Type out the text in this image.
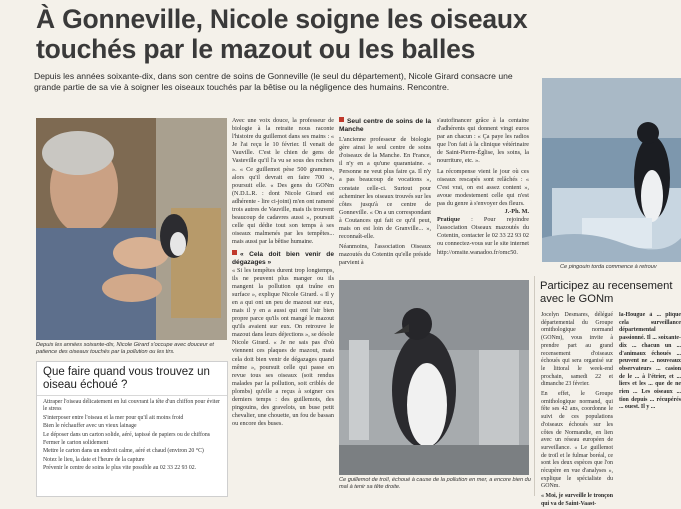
À Gonneville, Nicole soigne les oiseaux
touchés par le mazout ou les balles
Depuis les années soixante-dix, dans son centre de soins de Gonneville (le seul du département), Nicole Girard consacre une grande partie de sa vie à soigner les oiseaux touchés par la bêtise ou la négligence des humains. Rencontre.
Ce pingouin torda commence à retrouv
Depuis les années soixante-dix, Nicole Girard s'occupe avec douceur et patience des oiseaux touchés par la pollution ou les tirs.

Avec une voix douce, la professeur de biologie à la retraite nous raconte l'histoire du guillemot dans ses mains : « Je l'ai reçu le 10 février. Il venait de Vauville. C'est le chien de gens de Vasteville qu'il l'a vu se sous des rochers ». « Ce guillemot pèse 500 grammes, alors qu'il devrait en faire 700 », poursuit elle. « Des gens du GONm (N.D.L.R. : dont Nicole Girard est adhérente - lire ci-joint) m'en ont ramené trois autres de Vauville, mais ils trouvent beaucoup de cadavres aussi », poursuit celle qui dédie tout son temps à ses oiseaux malmenés par les tempêtes... mais aussi par la bêtise humaine.

« Cela doit bien venir de dégazages »

« Si les tempêtes durent trop longtemps, ils ne peuvent plus manger ou ils mangent la pollution qui traîne en surface », explique Nicole Girard. « Il y en a qui ont un peu de mazout sur eux, mais il y en a aussi qui ont l'air bien propre parce qu'ils ont mangé le mazout qu'ils avaient sur eux. On retrouve le mazout dans leurs déjections », se désole Nicole Girard. « Je ne sais pas d'où viennent ces plaques de mazout, mais cela doit bien venir de dégazages quand même », poursuit celle qui passe en revue tous ses oiseaux (soit rendus malades par la pollution, soit criblés de plombs) qu'elle a reçus à soigner ces derniers temps : des guillemots, des pingouins, des gravelots, un buse petit chevalier, une chouette, un fou de bassan ou encore des buses.

Seul centre de soins de la Manche

L'ancienne professeur de biologie gère ainsi le seul centre de soins d'oiseaux de la Manche. En France, il n'y en a qu'une quarantaine. « Personne ne veut plus faire ça. Il n'y a pas beaucoup de vocations », constate celle-ci. Surtout pour acheminer les oiseaux trouvés sur les côtes jusqu'à ce centre de Gonneville. « On a un correspondant à Coutances qui fait ce qu'il peut, mais on est loin de Granville... », reconnaît-elle.

Néanmoins, l'association Oiseaux mazoutés du Cotentin qu'elle préside parvient à

s'autofinancer grâce à la centaine d'adhérents qui donnent vingt euros par an chacun : « Ça paye les radios que l'on fait à la clinique vétérinaire de Saint-Pierre-Église, les soins, la nourriture, etc. ».

La récompense vient le jour où ces oiseaux rescapés sont relâchés : « C'est vrai, on est assez content », avoue modestement celle qui n'est pas du genre à s'envoyer des fleurs.

J.-Ph. M.

Pratique : Pour rejoindre l'association Oiseaux mazoutés du Cotentin, contacter le 02 33 22 93 02 ou connectez-vous sur le site internet http://omsite.wanadoo.fr/omc50.

Ce guillemot de troïl, échoué à cause de la pollution en mer, a encore bien du mal à tenir sa tête droite.
Que faire quand vous trouvez un oiseau échoué ?

Attraper l'oiseau délicatement en lui couvrant la tête d'un chiffon pour éviter le stress

S'interposer entre l'oiseau et la mer pour qu'il ait moins froid

Bien le réchauffer avec un vieux lainage

Le déposer dans un carton solide, aéré, tapissé de papiers ou de chiffons

Fermer le carton solidement

Mettre le carton dans un endroit calme, aéré et chaud (environ 20 °C)

Notez le lieu, la date et l'heure de la capture

Prévenir le centre de soins le plus vite possible au 02 33 22 93 02.

Participez au recensement avec le GONm

Jocelyn Desmares, délégué départemental du Groupe ornithologique normand (GONm), vous invite à prendre part au grand recensement d'oiseaux échoués qui sera organisé sur le littoral le week-end prochain, samedi 22 et dimanche 23 février.

En effet, le Groupe ornithologique normand, qui fête ses 42 ans, coordonne le suivi de ces populations d'oiseaux échoués sur les côtes de Normandie, en lien avec un réseau européen de surveillance. « Le guillemot de troïl et le fulmar boréal, ce sont les deux espèces que l'on récupère en vue d'analyses », explique le spécialiste du GONm.

« Moi, je surveille le tronçon qui va de Saint-Vaast-

la-Hougue à ... plique cela surveillance départemental passionné. Il ... soixante-dix ... chacun un ... d'animaux échoués ... peuvent ne ... nouveaux observateurs ... casion de le ... à l'étrier, et ... liers et les ... que de ne rien ... Les oiseaux ... tion depuis ... récupérés ... ouest. Il y ...
